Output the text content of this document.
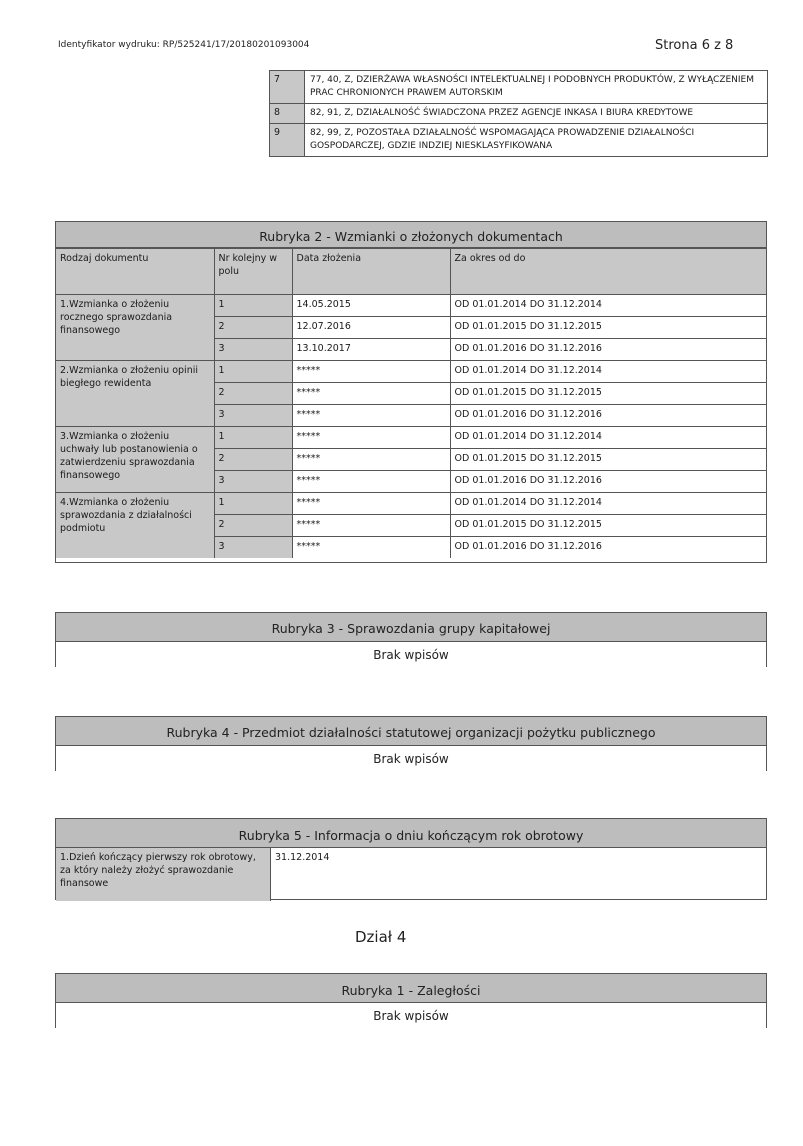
Identyfikator wydruku: RP/525241/17/20180201093004	Strona 6 z 8
7	77, 40, Z, DZIERŻAWA WŁASNOŚCI INTELEKTUALNEJ I PODOBNYCH PRODUKTÓW, Z WYŁĄCZENIEM PRAC CHRONIONYCH PRAWEM AUTORSKIM
8	82, 91, Z, DZIAŁALNOŚĆ ŚWIADCZONA PRZEZ AGENCJE INKASA I BIURA KREDYTOWE
9	82, 99, Z, POZOSTAŁA DZIAŁALNOŚĆ WSPOMAGAJĄCA PROWADZENIE DZIAŁALNOŚCI GOSPODARCZEJ, GDZIE INDZIEJ NIESKLASYFIKOWANA
Rubryka 2 - Wzmianki o złożonych dokumentach
Rodzaj dokumentu	Nr kolejny w polu	Data złożenia	Za okres od do
1.Wzmianka o złożeniu rocznego sprawozdania finansowego	1	14.05.2015	OD 01.01.2014 DO 31.12.2014
	2	12.07.2016	OD 01.01.2015 DO 31.12.2015
	3	13.10.2017	OD 01.01.2016 DO 31.12.2016
2.Wzmianka o złożeniu opinii biegłego rewidenta	1	*****	OD 01.01.2014 DO 31.12.2014
	2	*****	OD 01.01.2015 DO 31.12.2015
	3	*****	OD 01.01.2016 DO 31.12.2016
3.Wzmianka o złożeniu uchwały lub postanowienia o zatwierdzeniu sprawozdania finansowego	1	*****	OD 01.01.2014 DO 31.12.2014
	2	*****	OD 01.01.2015 DO 31.12.2015
	3	*****	OD 01.01.2016 DO 31.12.2016
4.Wzmianka o złożeniu sprawozdania z działalności podmiotu	1	*****	OD 01.01.2014 DO 31.12.2014
	2	*****	OD 01.01.2015 DO 31.12.2015
	3	*****	OD 01.01.2016 DO 31.12.2016
Rubryka 3 - Sprawozdania grupy kapitałowej
Brak wpisów
Rubryka 4 - Przedmiot działalności statutowej organizacji pożytku publicznego
Brak wpisów
Rubryka 5 - Informacja o dniu kończącym rok obrotowy
1.Dzień kończący pierwszy rok obrotowy, za który należy złożyć sprawozdanie finansowe	31.12.2014
Dział 4
Rubryka 1 - Zaległości
Brak wpisów
